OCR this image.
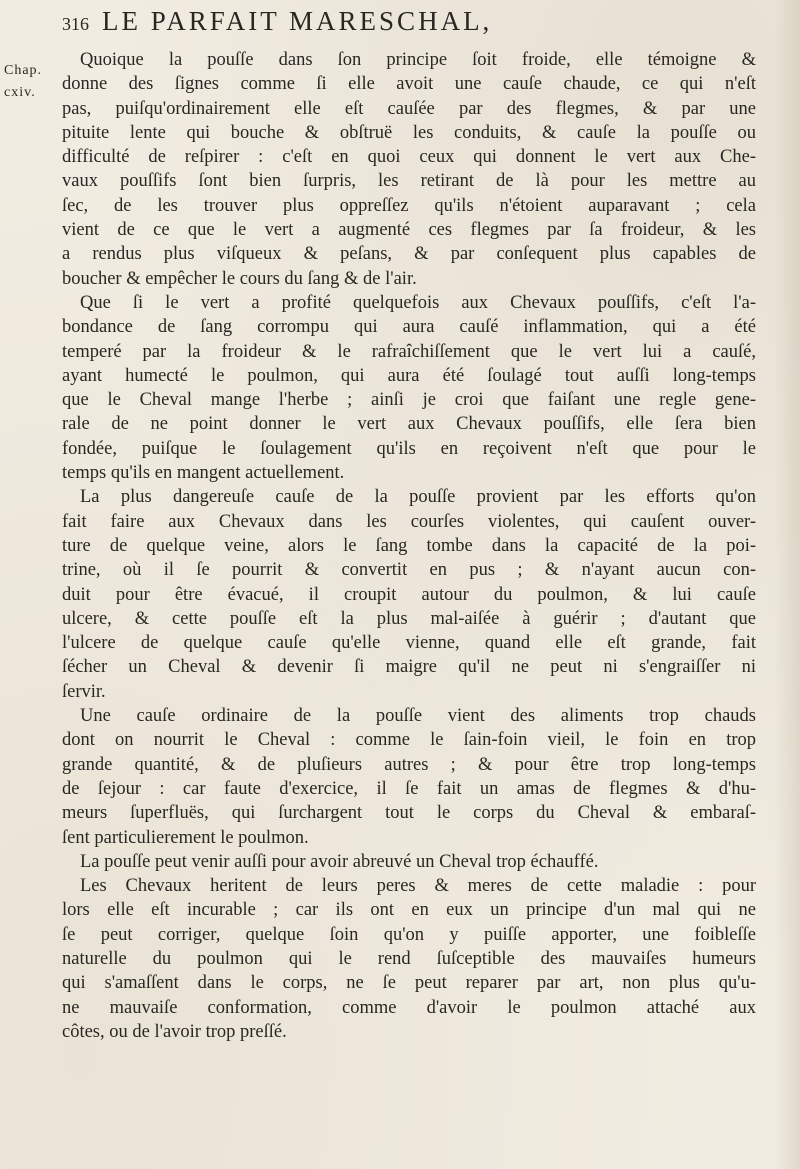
316 LE PARFAIT MARESCHAL,
Chap.
cxiv.
Quoique la pouſſe dans ſon principe ſoit froide, elle témoigne &
donne des ſignes comme ſi elle avoit une cauſe chaude, ce qui n'eſt
pas, puiſqu'ordinairement elle eſt cauſée par des flegmes, & par une
pituite lente qui bouche & obſtruë les conduits, & cauſe la pouſſe ou
difficulté de reſpirer : c'eſt en quoi ceux qui donnent le vert aux Che-
vaux pouſſifs ſont bien ſurpris, les retirant de là pour les mettre au
ſec, de les trouver plus oppreſſez qu'ils n'étoient auparavant ; cela
vient de ce que le vert a augmenté ces flegmes par ſa froideur, & les
a rendus plus viſqueux & peſans, & par conſequent plus capables de
boucher & empêcher le cours du ſang & de l'air.
Que ſi le vert a profité quelquefois aux Chevaux pouſſifs, c'eſt l'a-
bondance de ſang corrompu qui aura cauſé inflammation, qui a été
temperé par la froideur & le rafraîchiſſement que le vert lui a cauſé,
ayant humecté le poulmon, qui aura été ſoulagé tout auſſi long-temps
que le Cheval mange l'herbe ; ainſi je croi que faiſant une regle gene-
rale de ne point donner le vert aux Chevaux pouſſifs, elle ſera bien
fondée, puiſque le ſoulagement qu'ils en reçoivent n'eſt que pour le
temps qu'ils en mangent actuellement.
La plus dangereuſe cauſe de la pouſſe provient par les efforts qu'on
fait faire aux Chevaux dans les courſes violentes, qui cauſent ouver-
ture de quelque veine, alors le ſang tombe dans la capacité de la poi-
trine, où il ſe pourrit & convertit en pus ; & n'ayant aucun con-
duit pour être évacué, il croupit autour du poulmon, & lui cauſe
ulcere, & cette pouſſe eſt la plus mal-aiſée à guérir ; d'autant que
l'ulcere de quelque cauſe qu'elle vienne, quand elle eſt grande, fait
ſécher un Cheval & devenir ſi maigre qu'il ne peut ni s'engraiſſer ni
ſervir.
Une cauſe ordinaire de la pouſſe vient des aliments trop chauds
dont on nourrit le Cheval : comme le ſain-foin vieil, le foin en trop
grande quantité, & de pluſieurs autres ; & pour être trop long-temps
de ſejour : car faute d'exercice, il ſe fait un amas de flegmes & d'hu-
meurs ſuperfluës, qui ſurchargent tout le corps du Cheval & embaraſ-
ſent particulierement le poulmon.
La pouſſe peut venir auſſi pour avoir abreuvé un Cheval trop échauffé.
Les Chevaux heritent de leurs peres & meres de cette maladie : pour
lors elle eſt incurable ; car ils ont en eux un principe d'un mal qui ne
ſe peut corriger, quelque ſoin qu'on y puiſſe apporter, une foibleſſe
naturelle du poulmon qui le rend ſuſceptible des mauvaiſes humeurs
qui s'amaſſent dans le corps, ne ſe peut reparer par art, non plus qu'u-
ne mauvaiſe conformation, comme d'avoir le poulmon attaché aux
côtes, ou de l'avoir trop preſſé.
